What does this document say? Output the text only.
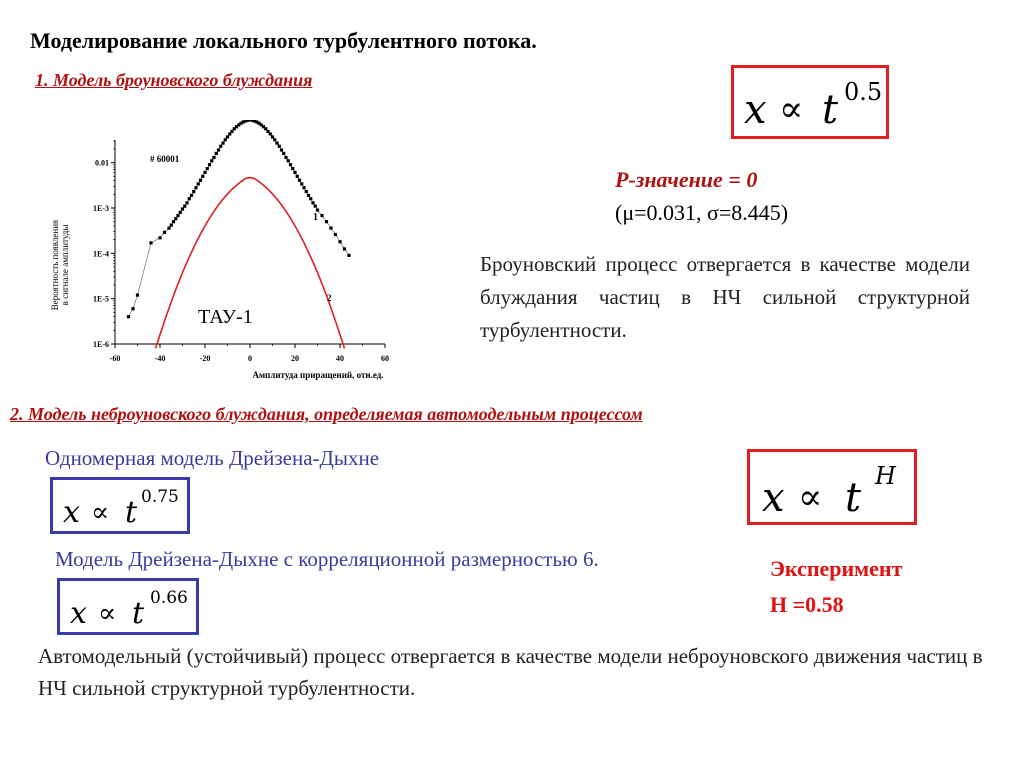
Моделирование локального турбулентного потока.
1. Модель броуновского блуждания
x ∝ t 0.5
-60	-40	-20	0	20	40	60
1E-6
1E-5
1E-4
1E-3
0.01	# 60001
Амплитуда приращений, отн.ед.
Вероятность появления в сигнале амплитуды
ТАУ-1
1
2
P-значение = 0
(μ=0.031, σ=8.445)
Броуновский процесс отвергается в качестве модели блуждания частиц в НЧ сильной структурной турбулентности.
2. Модель неброуновского блуждания, определяемая автомодельным процессом
Одномерная модель Дрейзена-Дыхне
x ∝ t 0.75
Модель Дрейзена-Дыхне с корреляционной размерностью 6.
x ∝ t 0.66
x ∝ t H
Эксперимент
H =0.58
Автомодельный (устойчивый) процесс отвергается в качестве модели неброуновского движения частиц в НЧ сильной структурной турбулентности.
